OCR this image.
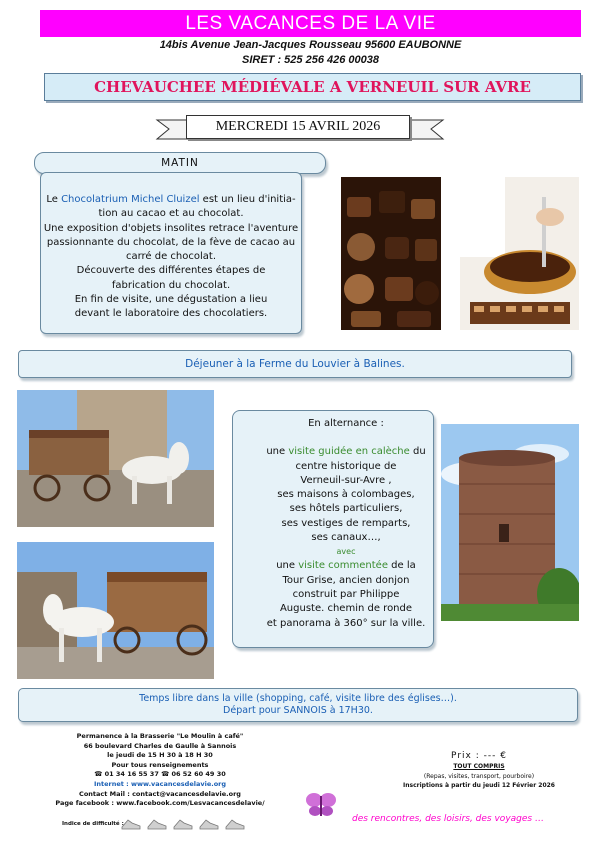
LES VACANCES DE LA VIE
14bis Avenue Jean-Jacques Rousseau 95600 EAUBONNE
SIRET : 525 256 426 00038
CHEVAUCHEE MÉDIÉVALE A VERNEUIL SUR AVRE
MERCREDI 15 AVRIL 2026
MATIN
Le Chocolatrium Michel Cluizel est un lieu d'initia-
tion au cacao et au chocolat.
Une exposition d'objets insolites retrace l'aventure
passionnante du chocolat, de la fève de cacao au
carré de chocolat.
Découverte des différentes étapes de
fabrication du chocolat.
En fin de visite, une dégustation a lieu
devant le laboratoire des chocolatiers.
Déjeuner à la Ferme du Louvier à Balines.
En alternance :
une visite guidée en calèche du
centre historique de
Verneuil-sur-Avre ,
ses maisons à colombages,
ses hôtels particuliers,
ses vestiges de remparts,
ses canaux…,
avec
une visite commentée de la
Tour Grise, ancien donjon
construit par Philippe
Auguste. chemin de ronde
et panorama à 360° sur la ville.
Temps libre dans la ville (shopping, café, visite libre des églises…).
Départ pour SANNOIS à 17H30.
Permanence à la Brasserie "Le Moulin à café"
66 boulevard Charles de Gaulle à Sannois
le jeudi de 15 H 30 à 18 H 30
Pour tous renseignements
☎ 01 34 16 55 37 ☎ 06 52 60 49 30
Internet : www.vacancesdelavie.org
Contact Mail : contact@vacancesdelavie.org
Page facebook : www.facebook.com/Lesvacancesdelavie/
Indice de difficulté :
Prix : --- €
TOUT COMPRIS
(Repas, visites, transport, pourboire)
Inscriptions à partir du jeudi 12 Février 2026
des rencontres, des loisirs, des voyages …
